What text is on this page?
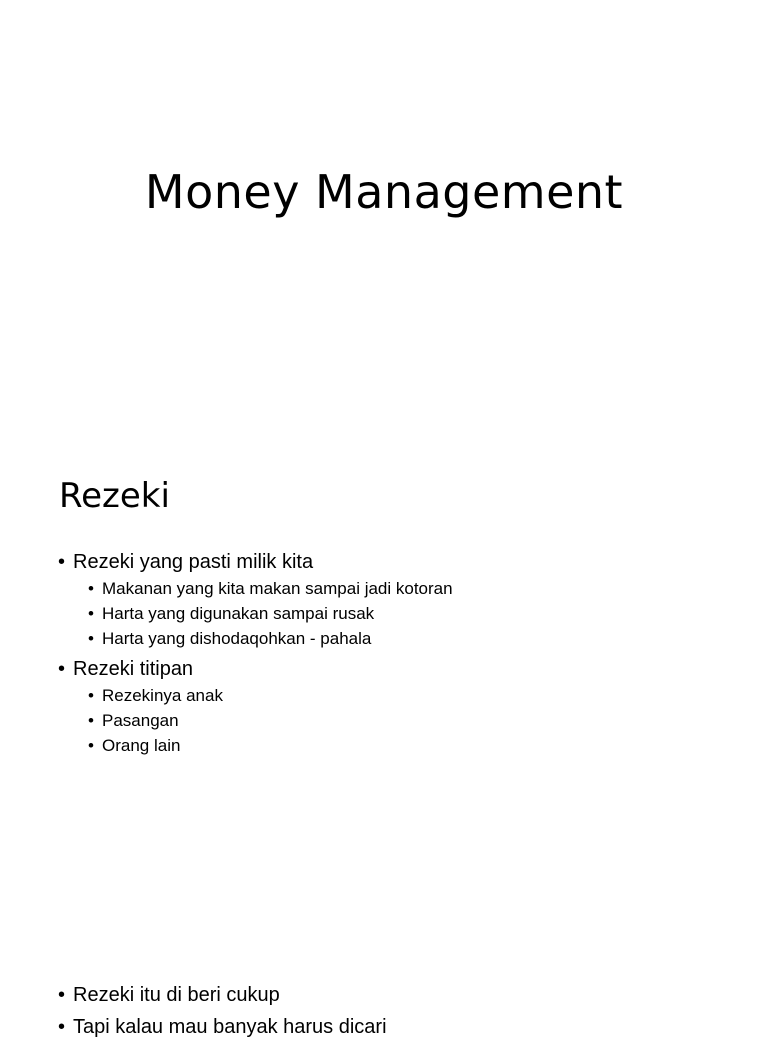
Money Management
Rezeki
• Rezeki yang pasti milik kita
• Makanan yang kita makan sampai jadi kotoran
• Harta yang digunakan sampai rusak
• Harta yang dishodaqohkan - pahala
• Rezeki titipan
• Rezekinya anak
• Pasangan
• Orang lain
• Rezeki itu di beri cukup
• Tapi kalau mau banyak harus dicari
